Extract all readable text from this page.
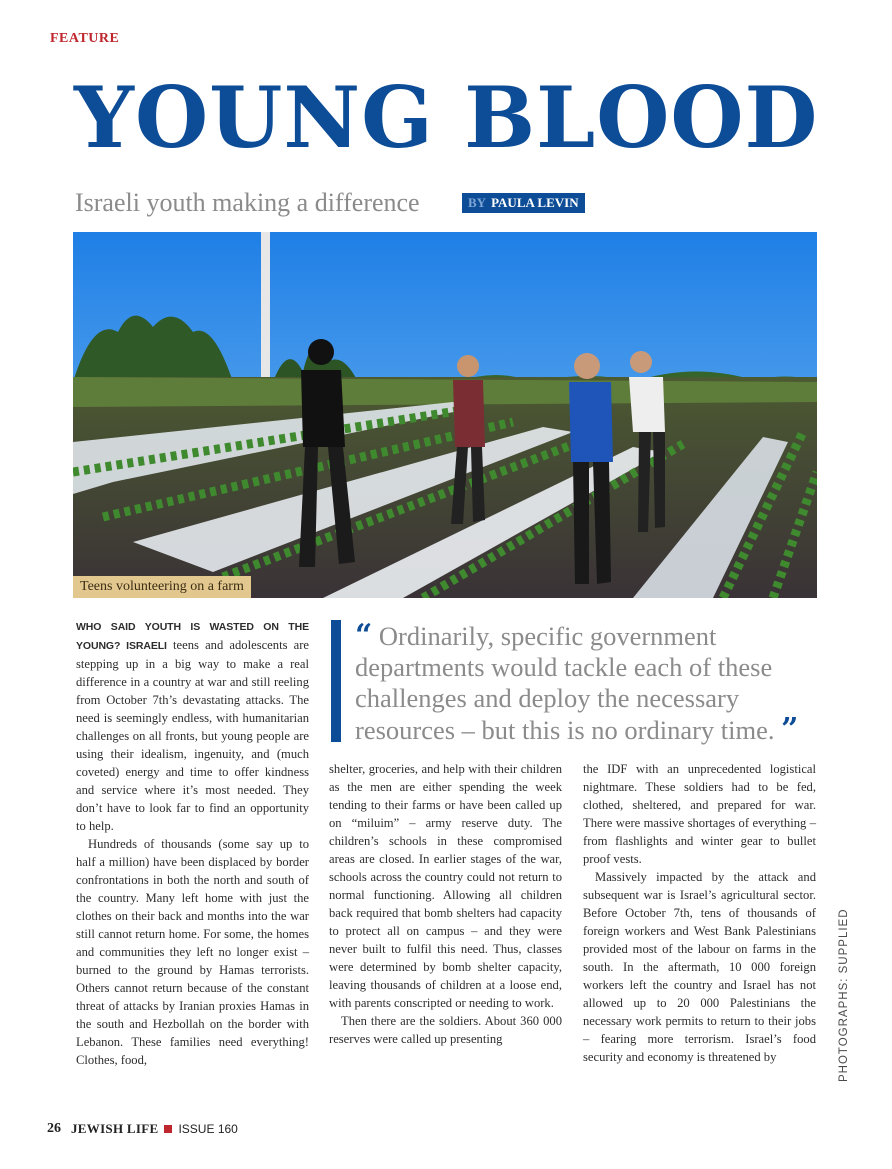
FEATURE
YOUNG BLOOD
Israeli youth making a difference	BY PAULA LEVIN
Teens volunteering on a farm
“ Ordinarily, specific government departments would tackle each of these challenges and deploy the necessary resources – but this is no ordinary time. ”

WHO SAID YOUTH IS WASTED ON THE YOUNG? ISRAELI teens and adolescents are stepping up in a big way to make a real difference in a country at war and still reeling from October 7th’s devastating attacks. The need is seemingly endless, with humanitarian challenges on all fronts, but young people are using their idealism, ingenuity, and (much coveted) energy and time to offer kindness and service where it’s most needed. They don’t have to look far to find an opportunity to help.

Hundreds of thousands (some say up to half a million) have been displaced by border confrontations in both the north and south of the country. Many left home with just the clothes on their back and months into the war still cannot return home. For some, the homes and communities they left no longer exist – burned to the ground by Hamas terrorists. Others cannot return because of the constant threat of attacks by Iranian proxies Hamas in the south and Hezbollah on the border with Lebanon. These families need everything! Clothes, food,

shelter, groceries, and help with their children as the men are either spending the week tending to their farms or have been called up on “miluim” – army reserve duty. The children’s schools in these compromised areas are closed. In earlier stages of the war, schools across the country could not return to normal functioning. Allowing all children back required that bomb shelters had capacity to protect all on campus – and they were never built to fulfil this need. Thus, classes were determined by bomb shelter capacity, leaving thousands of children at a loose end, with parents conscripted or needing to work.

Then there are the soldiers. About 360 000 reserves were called up presenting

the IDF with an unprecedented logistical nightmare. These soldiers had to be fed, clothed, sheltered, and prepared for war. There were massive shortages of everything – from flashlights and winter gear to bullet proof vests.

Massively impacted by the attack and subsequent war is Israel’s agricultural sector. Before October 7th, tens of thousands of foreign workers and West Bank Palestinians provided most of the labour on farms in the south. In the aftermath, 10 000 foreign workers left the country and Israel has not allowed up to 20 000 Palestinians the necessary work permits to return to their jobs – fearing more terrorism. Israel’s food security and economy is threatened by	PHOTOGRAPHS: SUPPLIED
26 JEWISH LIFE ISSUE 160
